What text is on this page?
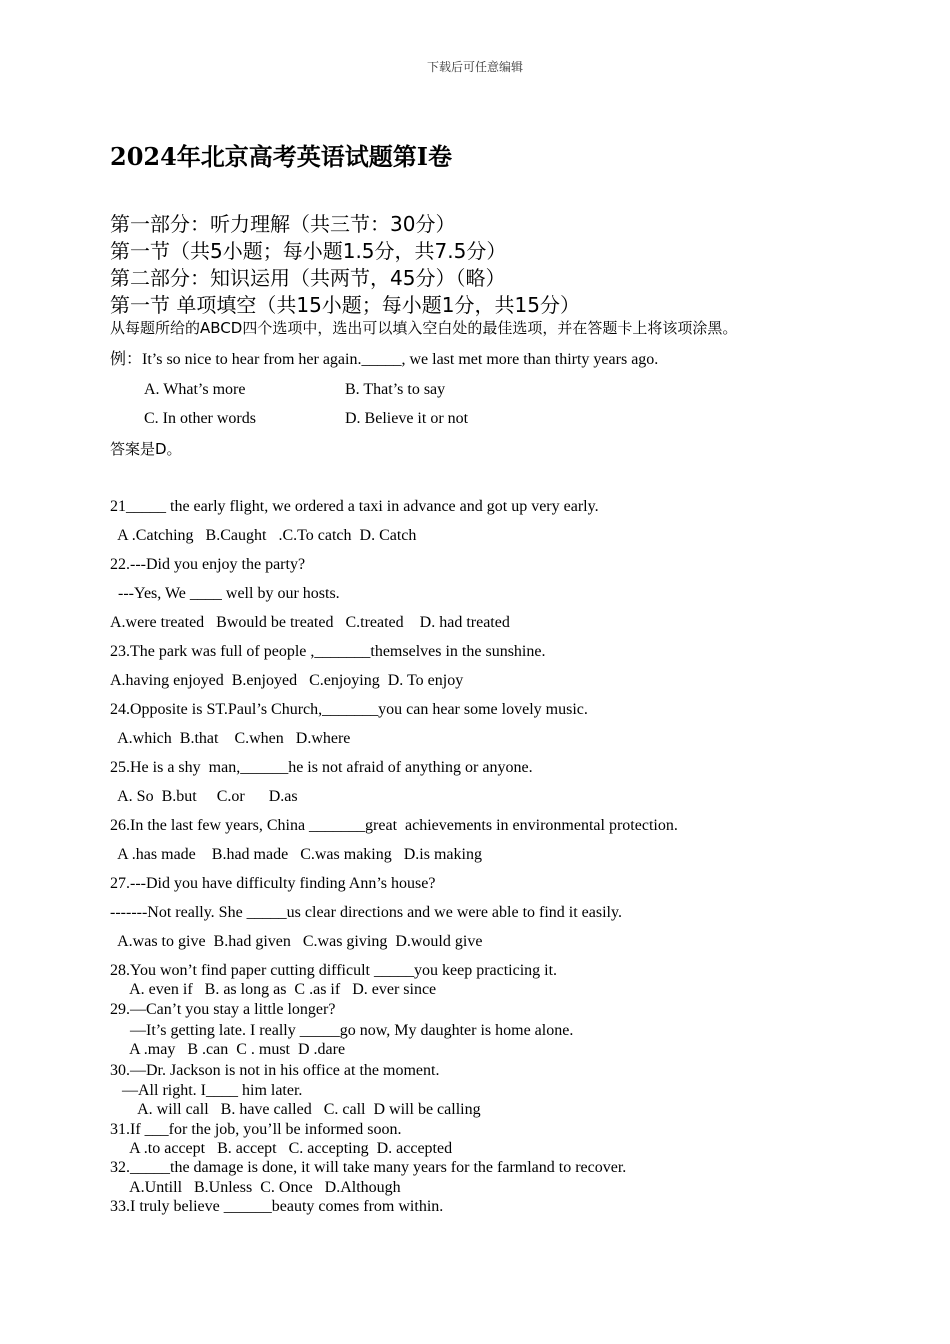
下载后可任意编辑
2024年北京高考英语试题第I卷
第一部分：听力理解（共三节：30分）
第一节（共5小题；每小题1.5分，共7.5分）
第二部分：知识运用（共两节，45分）（略）
第一节 单项填空（共15小题；每小题1分，共15分）
从每题所给的ABCD四个选项中，选出可以填入空白处的最佳选项，并在答题卡上将该项涂黑。
例：It’s so nice to hear from her again._____, we last met more than thirty years ago.
A. What’s more	B. That’s to say
C. In other words	D. Believe it or not
答案是D。
21_____ the early flight, we ordered a taxi in advance and got up very early.
A .Catching   B.Caught   .C.To catch  D. Catch
22.---Did you enjoy the party?
---Yes, We ____ well by our hosts.
A.were treated   Bwould be treated   C.treated    D. had treated
23.The park was full of people ,_______themselves in the sunshine.
A.having enjoyed  B.enjoyed   C.enjoying  D. To enjoy
24.Opposite is ST.Paul’s Church,_______you can hear some lovely music.
A.which  B.that    C.when   D.where
25.He is a shy  man,______he is not afraid of anything or anyone.
A. So  B.but     C.or      D.as
26.In the last few years, China _______great  achievements in environmental protection.
A .has made    B.had made   C.was making   D.is making
27.---Did you have difficulty finding Ann’s house?
-------Not really. She _____us clear directions and we were able to find it easily.
A.was to give  B.had given   C.was giving  D.would give
28.You won’t find paper cutting difficult _____you keep practicing it.
A. even if   B. as long as  C .as if   D. ever since
29.—Can’t you stay a little longer?
—It’s getting late. I really _____go now, My daughter is home alone.
A .may   B .can  C . must  D .dare
30.—Dr. Jackson is not in his office at the moment.
—All right. I____ him later.
A. will call   B. have called   C. call  D will be calling
31.If ___for the job, you’ll be informed soon.
A .to accept   B. accept   C. accepting  D. accepted
32._____the damage is done, it will take many years for the farmland to recover.
A.Untill   B.Unless  C. Once   D.Although
33.I truly believe ______beauty comes from within.
